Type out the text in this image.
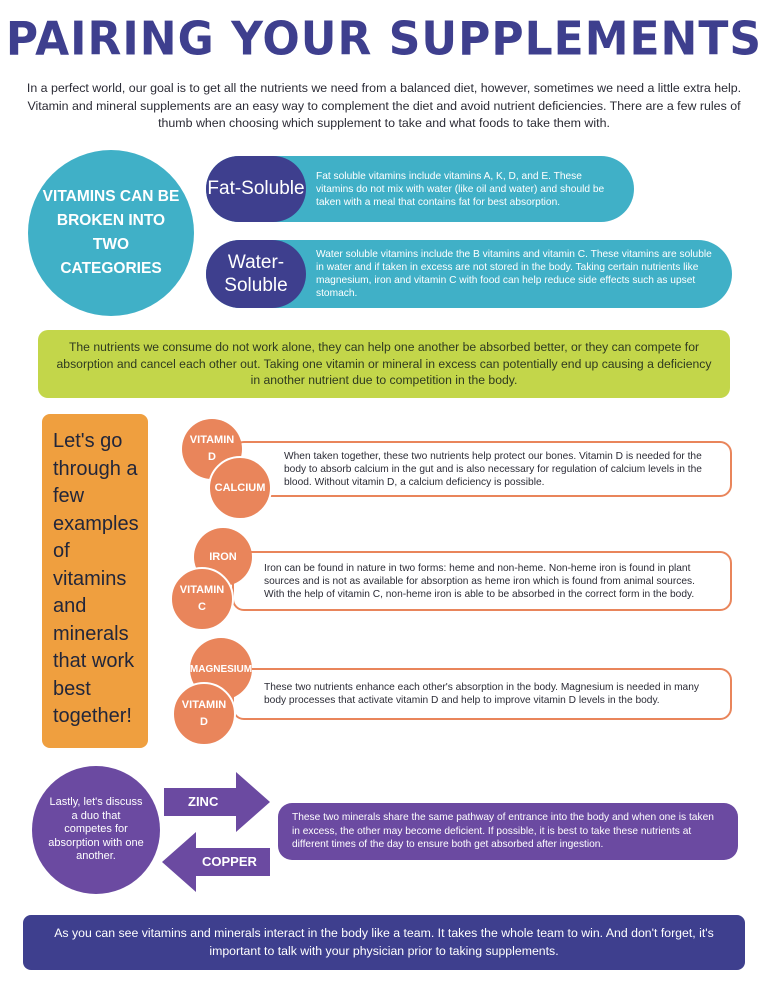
PAIRING YOUR SUPPLEMENTS
In a perfect world, our goal is to get all the nutrients we need from a balanced diet, however, sometimes we need a little extra help. Vitamin and mineral supplements are an easy way to complement the diet and avoid nutrient deficiencies. There are a few rules of thumb when choosing which supplement to take and what foods to take them with.
VITAMINS CAN BE BROKEN INTO TWO CATEGORIES
Fat-Soluble
Fat soluble vitamins include vitamins A, K, D, and E. These vitamins do not mix with water (like oil and water) and should be taken with a meal that contains fat for best absorption.
Water-Soluble
Water soluble vitamins include the B vitamins and vitamin C. These vitamins are soluble in water and if taken in excess are not stored in the body. Taking certain nutrients like magnesium, iron and vitamin C with food can help reduce side effects such as upset stomach.
The nutrients we consume do not work alone, they can help one another be absorbed better, or they can compete for absorption and cancel each other out. Taking one vitamin or mineral in excess can potentially end up causing a deficiency in another nutrient due to competition in the body.
Let's go through a few examples of vitamins and minerals that work best together!
When taken together, these two nutrients help protect our bones. Vitamin D is needed for the body to absorb calcium in the gut and is also necessary for regulation of calcium levels in the blood. Without vitamin D, a calcium deficiency is possible.
VITAMIN D
CALCIUM
Iron can be found in nature in two forms: heme and non-heme. Non-heme iron is found in plant sources and is not as available for absorption as heme iron which is found from animal sources. With the help of vitamin C, non-heme iron is able to be absorbed in the correct form in the body.
IRON
VITAMIN C
These two nutrients enhance each other's absorption in the body. Magnesium is needed in many body processes that activate vitamin D and help to improve vitamin D levels in the body.
MAGNESIUM
VITAMIN D
Lastly, let's discuss a duo that competes for absorption with one another.
ZINC
COPPER
These two minerals share the same pathway of entrance into the body and when one is taken in excess, the other may become deficient. If possible, it is best to take these nutrients at different times of the day to ensure both get absorbed after ingestion.
As you can see vitamins and minerals interact in the body like a team. It takes the whole team to win. And don't forget, it's important to talk with your physician prior to taking supplements.
